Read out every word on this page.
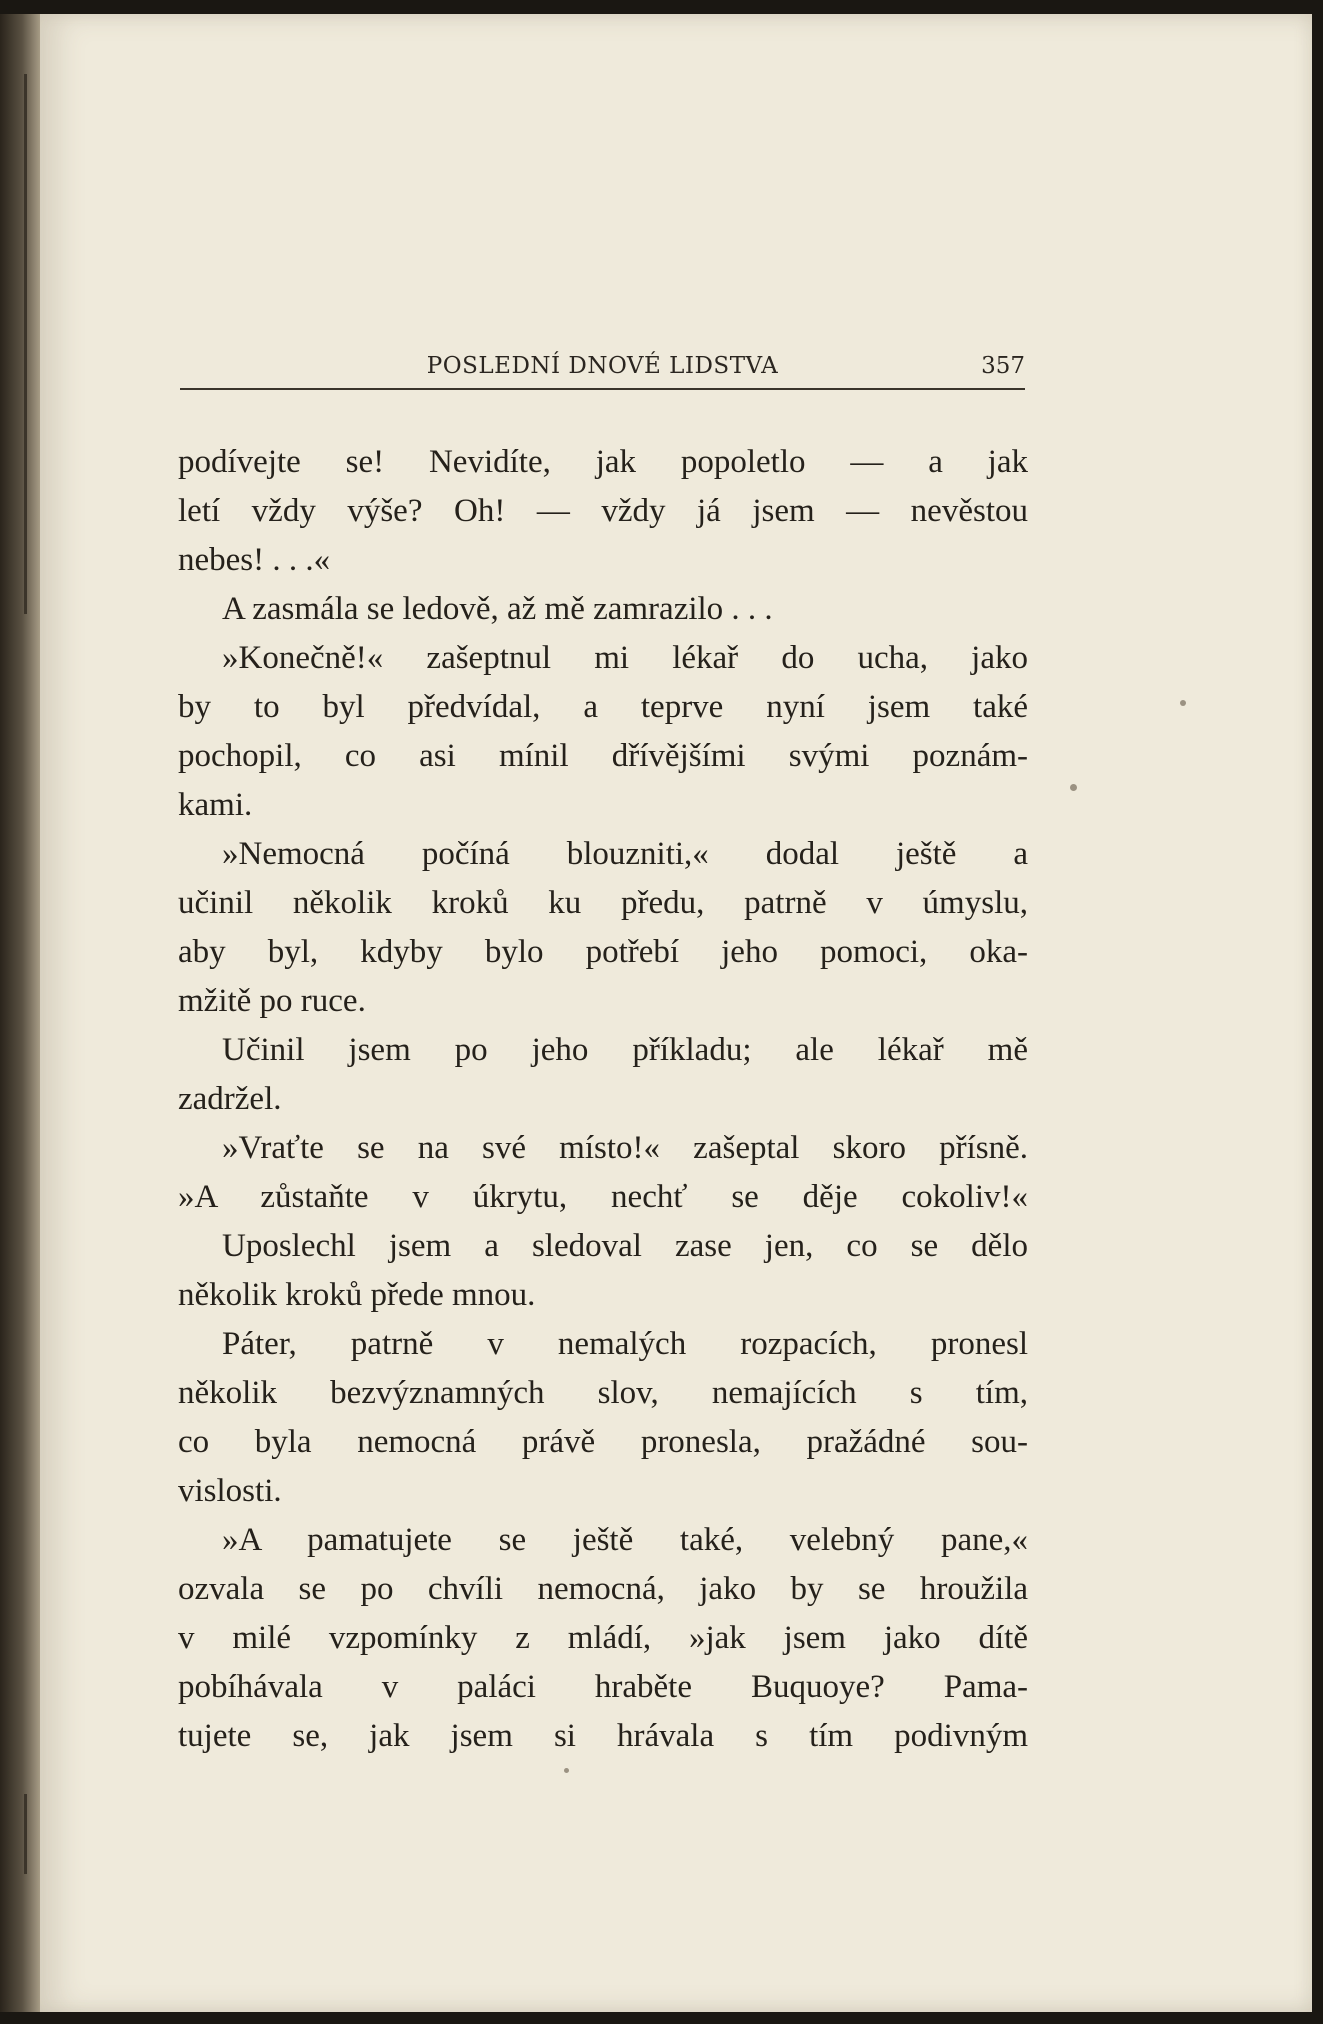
POSLEDNÍ DNOVÉ LIDSTVA	357
podívejte se! Nevidíte, jak popoletlo — a jak
letí vždy výše? Oh! — vždy já jsem — nevěstou
nebes! . . .«
A zasmála se ledově, až mě zamrazilo . . .
»Konečně!« zašeptnul mi lékař do ucha, jako
by to byl předvídal, a teprve nyní jsem také
pochopil, co asi mínil dřívějšími svými poznám-
kami.
»Nemocná počíná blouzniti,« dodal ještě a
učinil několik kroků ku předu, patrně v úmyslu,
aby byl, kdyby bylo potřebí jeho pomoci, oka-
mžitě po ruce.
Učinil jsem po jeho příkladu; ale lékař mě
zadržel.
»Vraťte se na své místo!« zašeptal skoro přísně.
»A zůstaňte v úkrytu, nechť se děje cokoliv!«
Uposlechl jsem a sledoval zase jen, co se dělo
několik kroků přede mnou.
Páter, patrně v nemalých rozpacích, pronesl
několik bezvýznamných slov, nemajících s tím,
co byla nemocná právě pronesla, pražádné sou-
vislosti.
»A pamatujete se ještě také, velebný pane,«
ozvala se po chvíli nemocná, jako by se hroužila
v milé vzpomínky z mládí, »jak jsem jako dítě
pobíhávala v paláci hraběte Buquoye? Pama-
tujete se, jak jsem si hrávala s tím podivným
